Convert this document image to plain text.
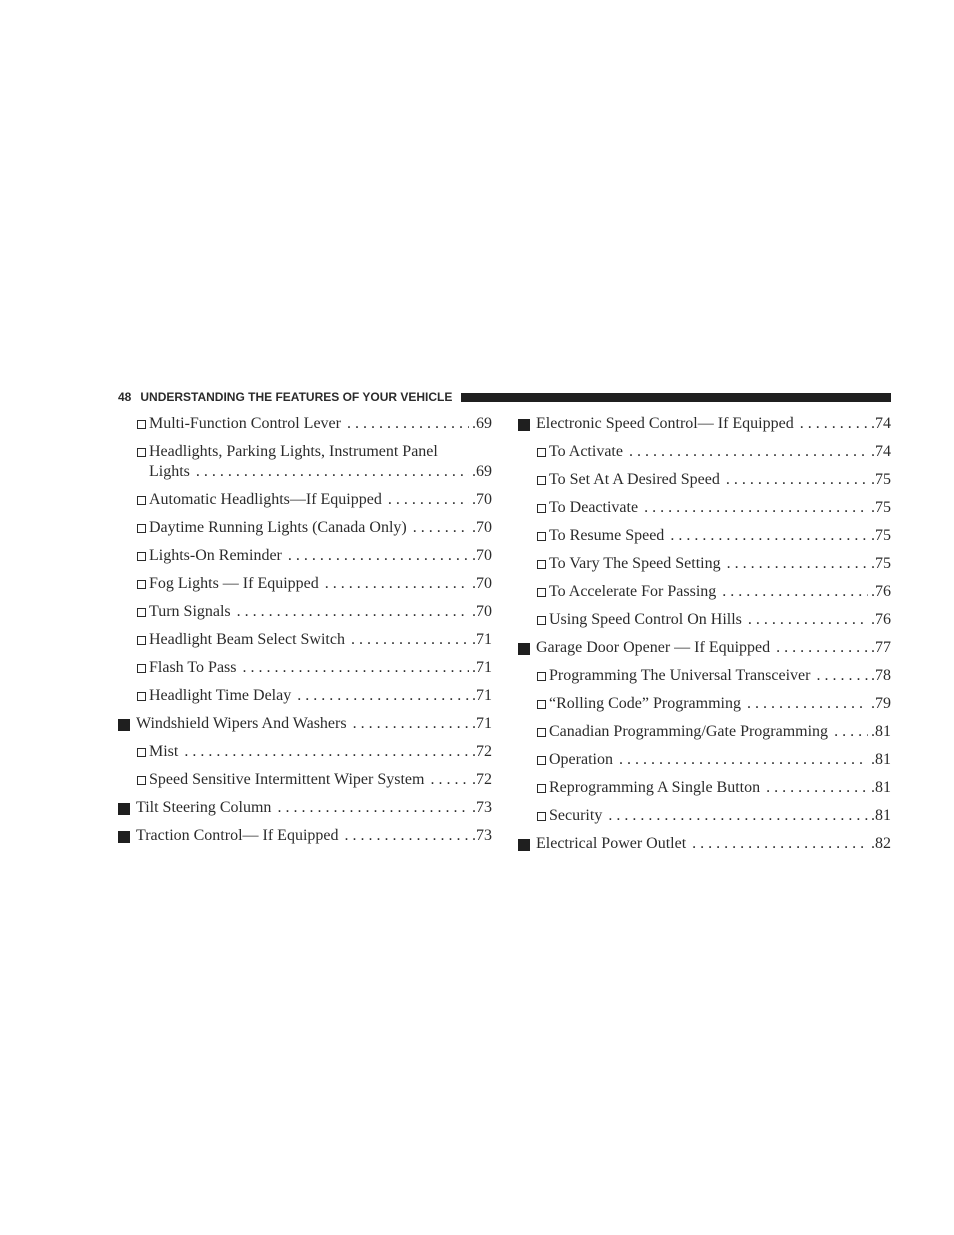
48 UNDERSTANDING THE FEATURES OF YOUR VEHICLE
Multi-Function Control Lever . . .	.69
Headlights, Parking Lights, Instrument Panel
Lights . . .	.69
Automatic Headlights—If Equipped . . .	.70
Daytime Running Lights (Canada Only) . . .	.70
Lights-On Reminder . . .	.70
Fog Lights — If Equipped . . .	.70
Turn Signals . . .	.70
Headlight Beam Select Switch . . .	.71
Flash To Pass . . .	.71
Headlight Time Delay . . .	.71
Windshield Wipers And Washers . . .	.71
Mist . . .	.72
Speed Sensitive Intermittent Wiper System . . .	.72
Tilt Steering Column . . .	.73
Traction Control— If Equipped . . .	.73
Electronic Speed Control— If Equipped . . .	.74
To Activate . . .	.74
To Set At A Desired Speed . . .	.75
To Deactivate . . .	.75
To Resume Speed . . .	.75
To Vary The Speed Setting . . .	.75
To Accelerate For Passing . . .	.76
Using Speed Control On Hills . . .	.76
Garage Door Opener — If Equipped . . .	.77
Programming The Universal Transceiver . . .	.78
“Rolling Code” Programming . . .	.79
Canadian Programming/Gate Programming . . .	.81
Operation . . .	.81
Reprogramming A Single Button . . .	.81
Security . . .	.81
Electrical Power Outlet . . .	.82
